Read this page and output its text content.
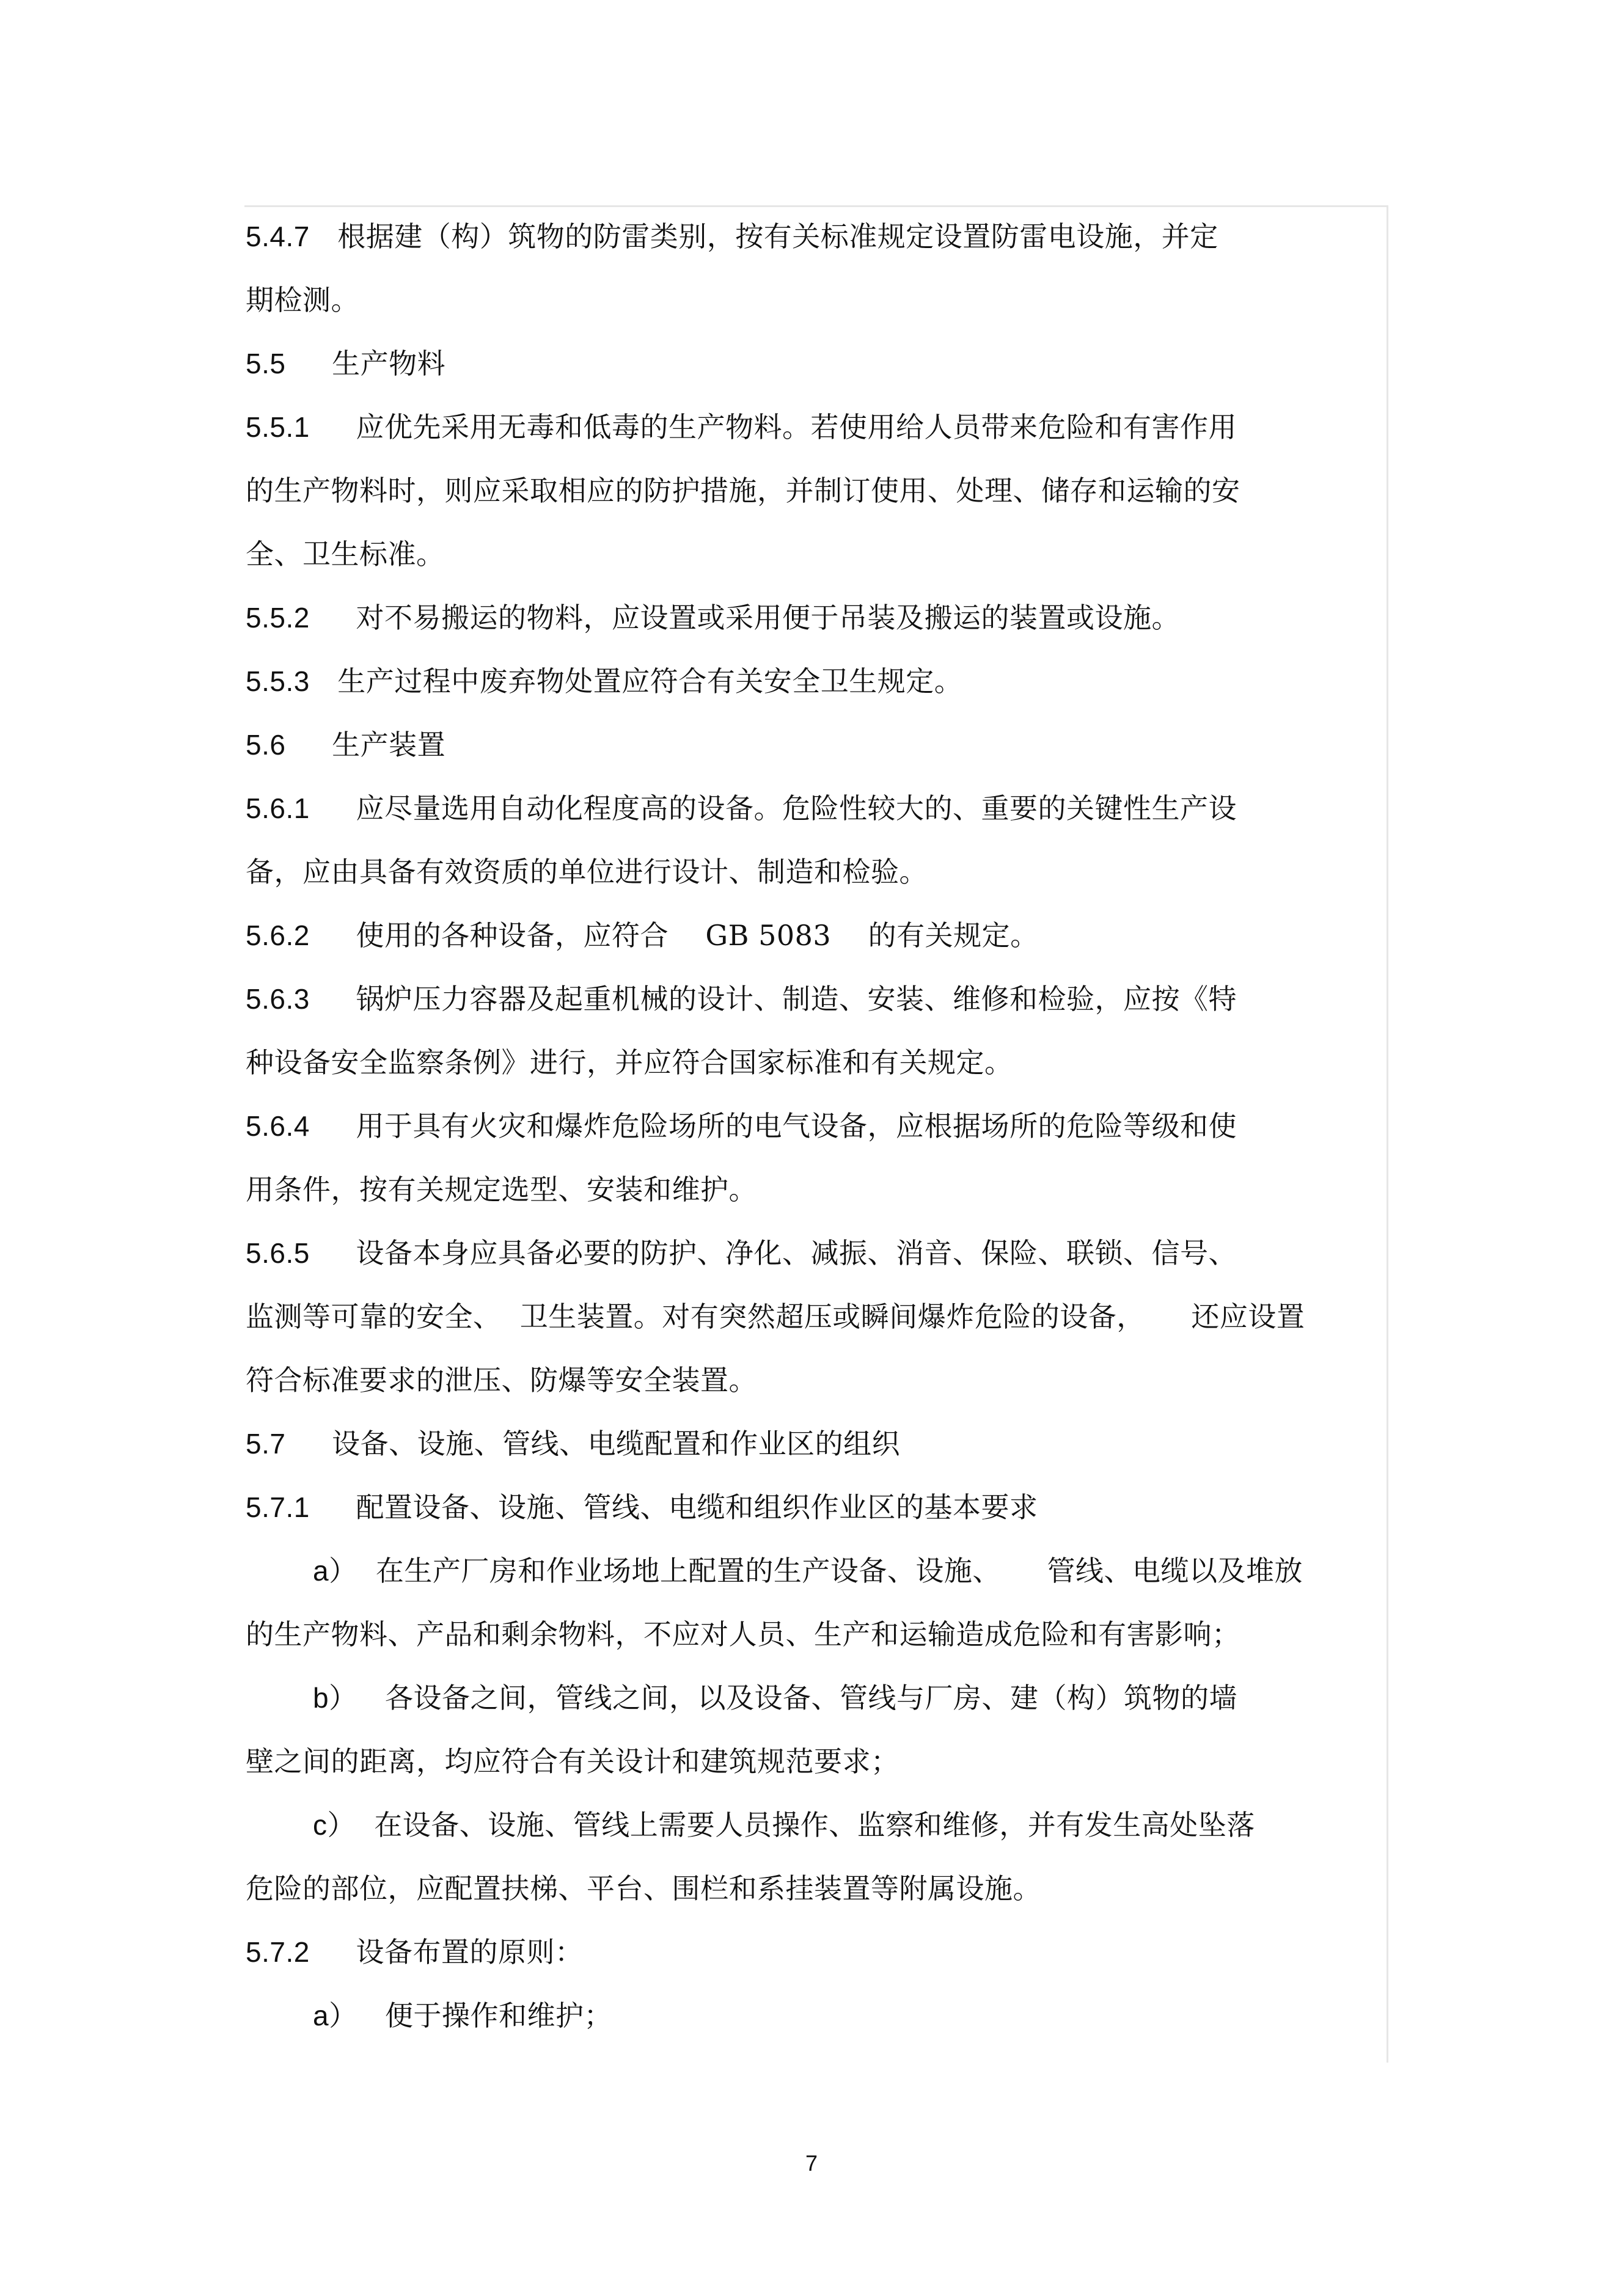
5.4.7 根据建（构）筑物的防雷类别，按有关标准规定设置防雷电设施，并定
期检测。
5.5 生产物料
5.5.1 应优先采用无毒和低毒的生产物料。若使用给人员带来危险和有害作用
的生产物料时，则应采取相应的防护措施，并制订使用、处理、储存和运输的安
全、卫生标准。
5.5.2 对不易搬运的物料，应设置或采用便于吊装及搬运的装置或设施。
5.5.3 生产过程中废弃物处置应符合有关安全卫生规定。
5.6 生产装置
5.6.1 应尽量选用自动化程度高的设备。危险性较大的、重要的关键性生产设
备，应由具备有效资质的单位进行设计、制造和检验。
5.6.2 使用的各种设备，应符合    GB 5083    的有关规定。
5.6.3 锅炉压力容器及起重机械的设计、制造、安装、维修和检验，应按《特
种设备安全监察条例》进行，并应符合国家标准和有关规定。
5.6.4 用于具有火灾和爆炸危险场所的电气设备，应根据场所的危险等级和使
用条件，按有关规定选型、安装和维护。
5.6.5 设备本身应具备必要的防护、净化、减振、消音、保险、联锁、信号、
监测等可靠的安全、  卫生装置。对有突然超压或瞬间爆炸危险的设备，     还应设置
符合标准要求的泄压、防爆等安全装置。
5.7 设备、设施、管线、电缆配置和作业区的组织
5.7.1 配置设备、设施、管线、电缆和组织作业区的基本要求
a） 在生产厂房和作业场地上配置的生产设备、设施、     管线、电缆以及堆放
的生产物料、产品和剩余物料，不应对人员、生产和运输造成危险和有害影响；
b） 各设备之间，管线之间，以及设备、管线与厂房、建（构）筑物的墙
壁之间的距离，均应符合有关设计和建筑规范要求；
c） 在设备、设施、管线上需要人员操作、监察和维修，并有发生高处坠落
危险的部位，应配置扶梯、平台、围栏和系挂装置等附属设施。
5.7.2 设备布置的原则：
a） 便于操作和维护；
7
